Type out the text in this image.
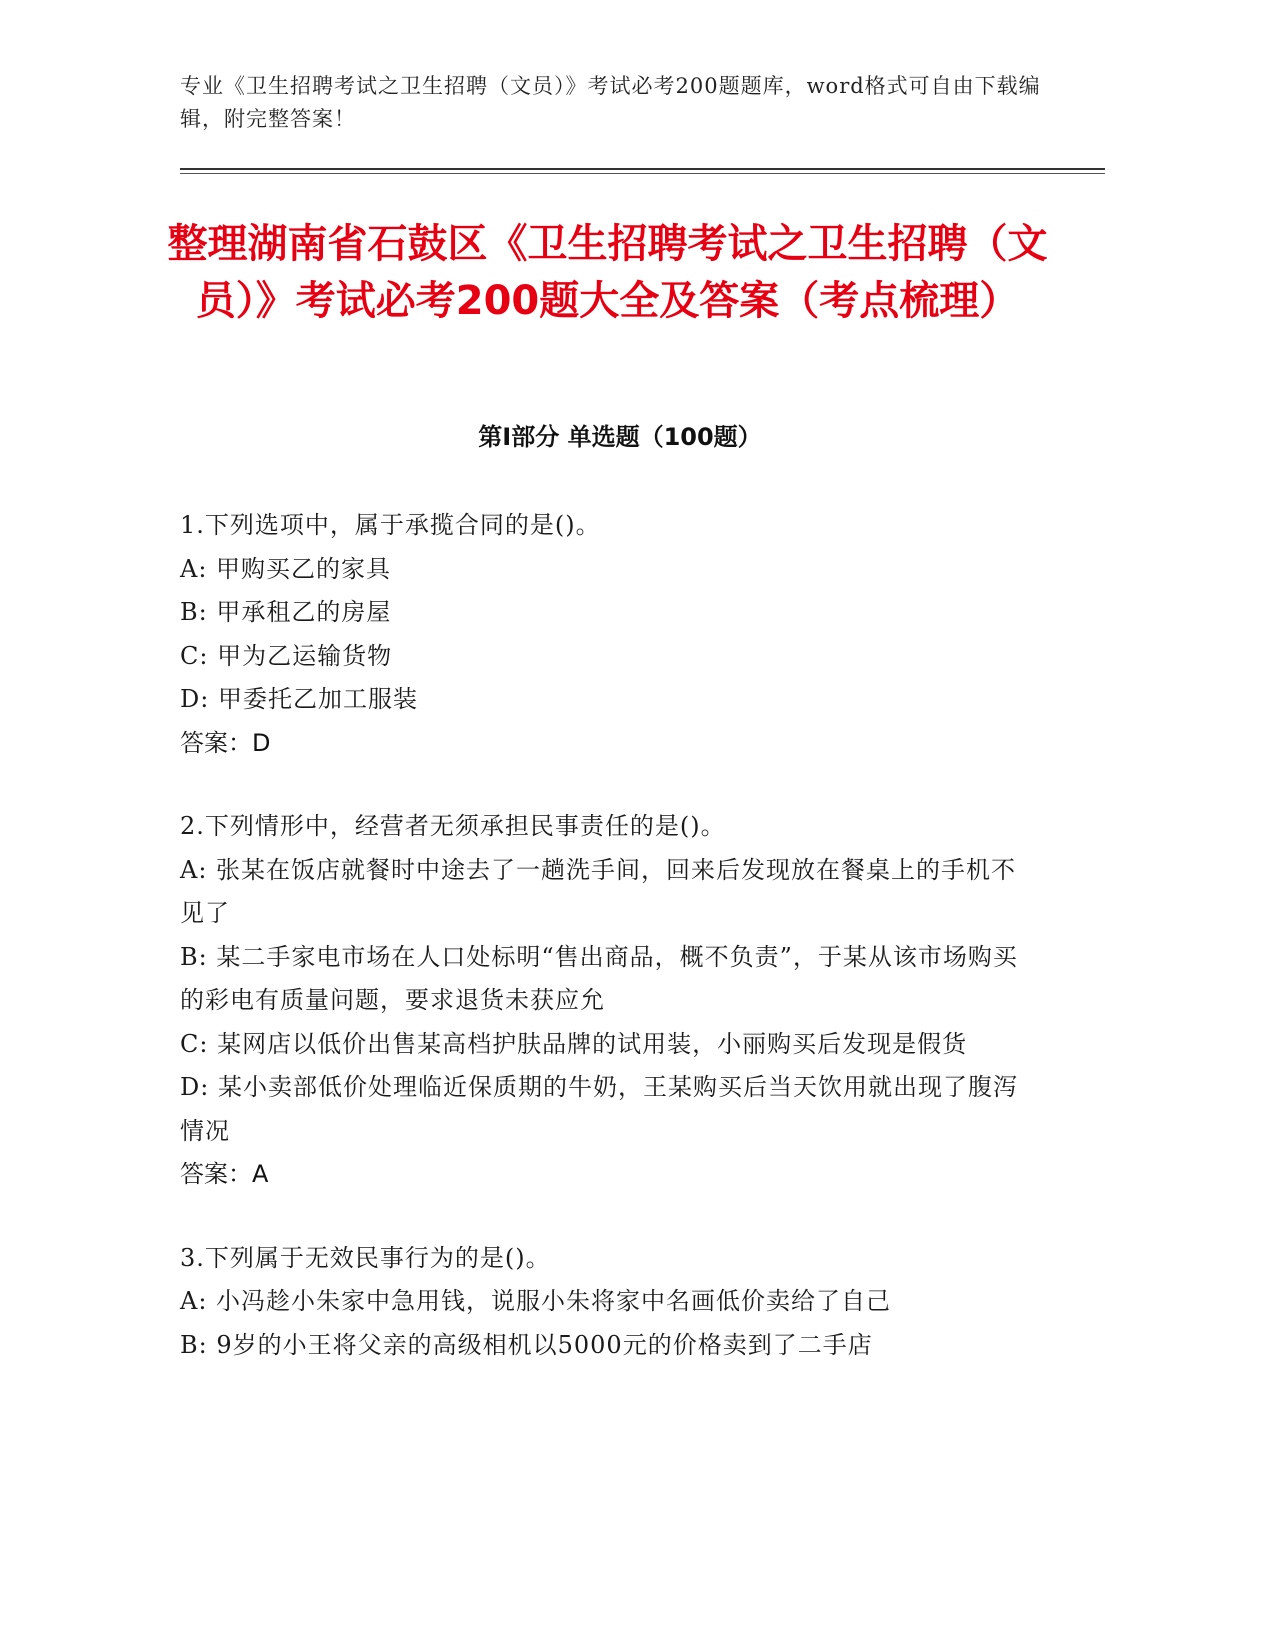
专业《卫生招聘考试之卫生招聘（文员）》考试必考200题题库，word格式可自由下载编辑，附完整答案！
整理湖南省石鼓区《卫生招聘考试之卫生招聘（文员）》考试必考200题大全及答案（考点梳理）
第Ⅰ部分 单选题（100题）

1.下列选项中，属于承揽合同的是()。

A: 甲购买乙的家具

B: 甲承租乙的房屋

C: 甲为乙运输货物

D: 甲委托乙加工服装

答案：D

2.下列情形中，经营者无须承担民事责任的是()。

A: 张某在饭店就餐时中途去了一趟洗手间，回来后发现放在餐桌上的手机不见了

B: 某二手家电市场在人口处标明“售出商品，概不负责”，于某从该市场购买的彩电有质量问题，要求退货未获应允

C: 某网店以低价出售某高档护肤品牌的试用装，小丽购买后发现是假货

D: 某小卖部低价处理临近保质期的牛奶，王某购买后当天饮用就出现了腹泻情况

答案：A

3.下列属于无效民事行为的是()。

A: 小冯趁小朱家中急用钱，说服小朱将家中名画低价卖给了自己

B: 9岁的小王将父亲的高级相机以5000元的价格卖到了二手店
